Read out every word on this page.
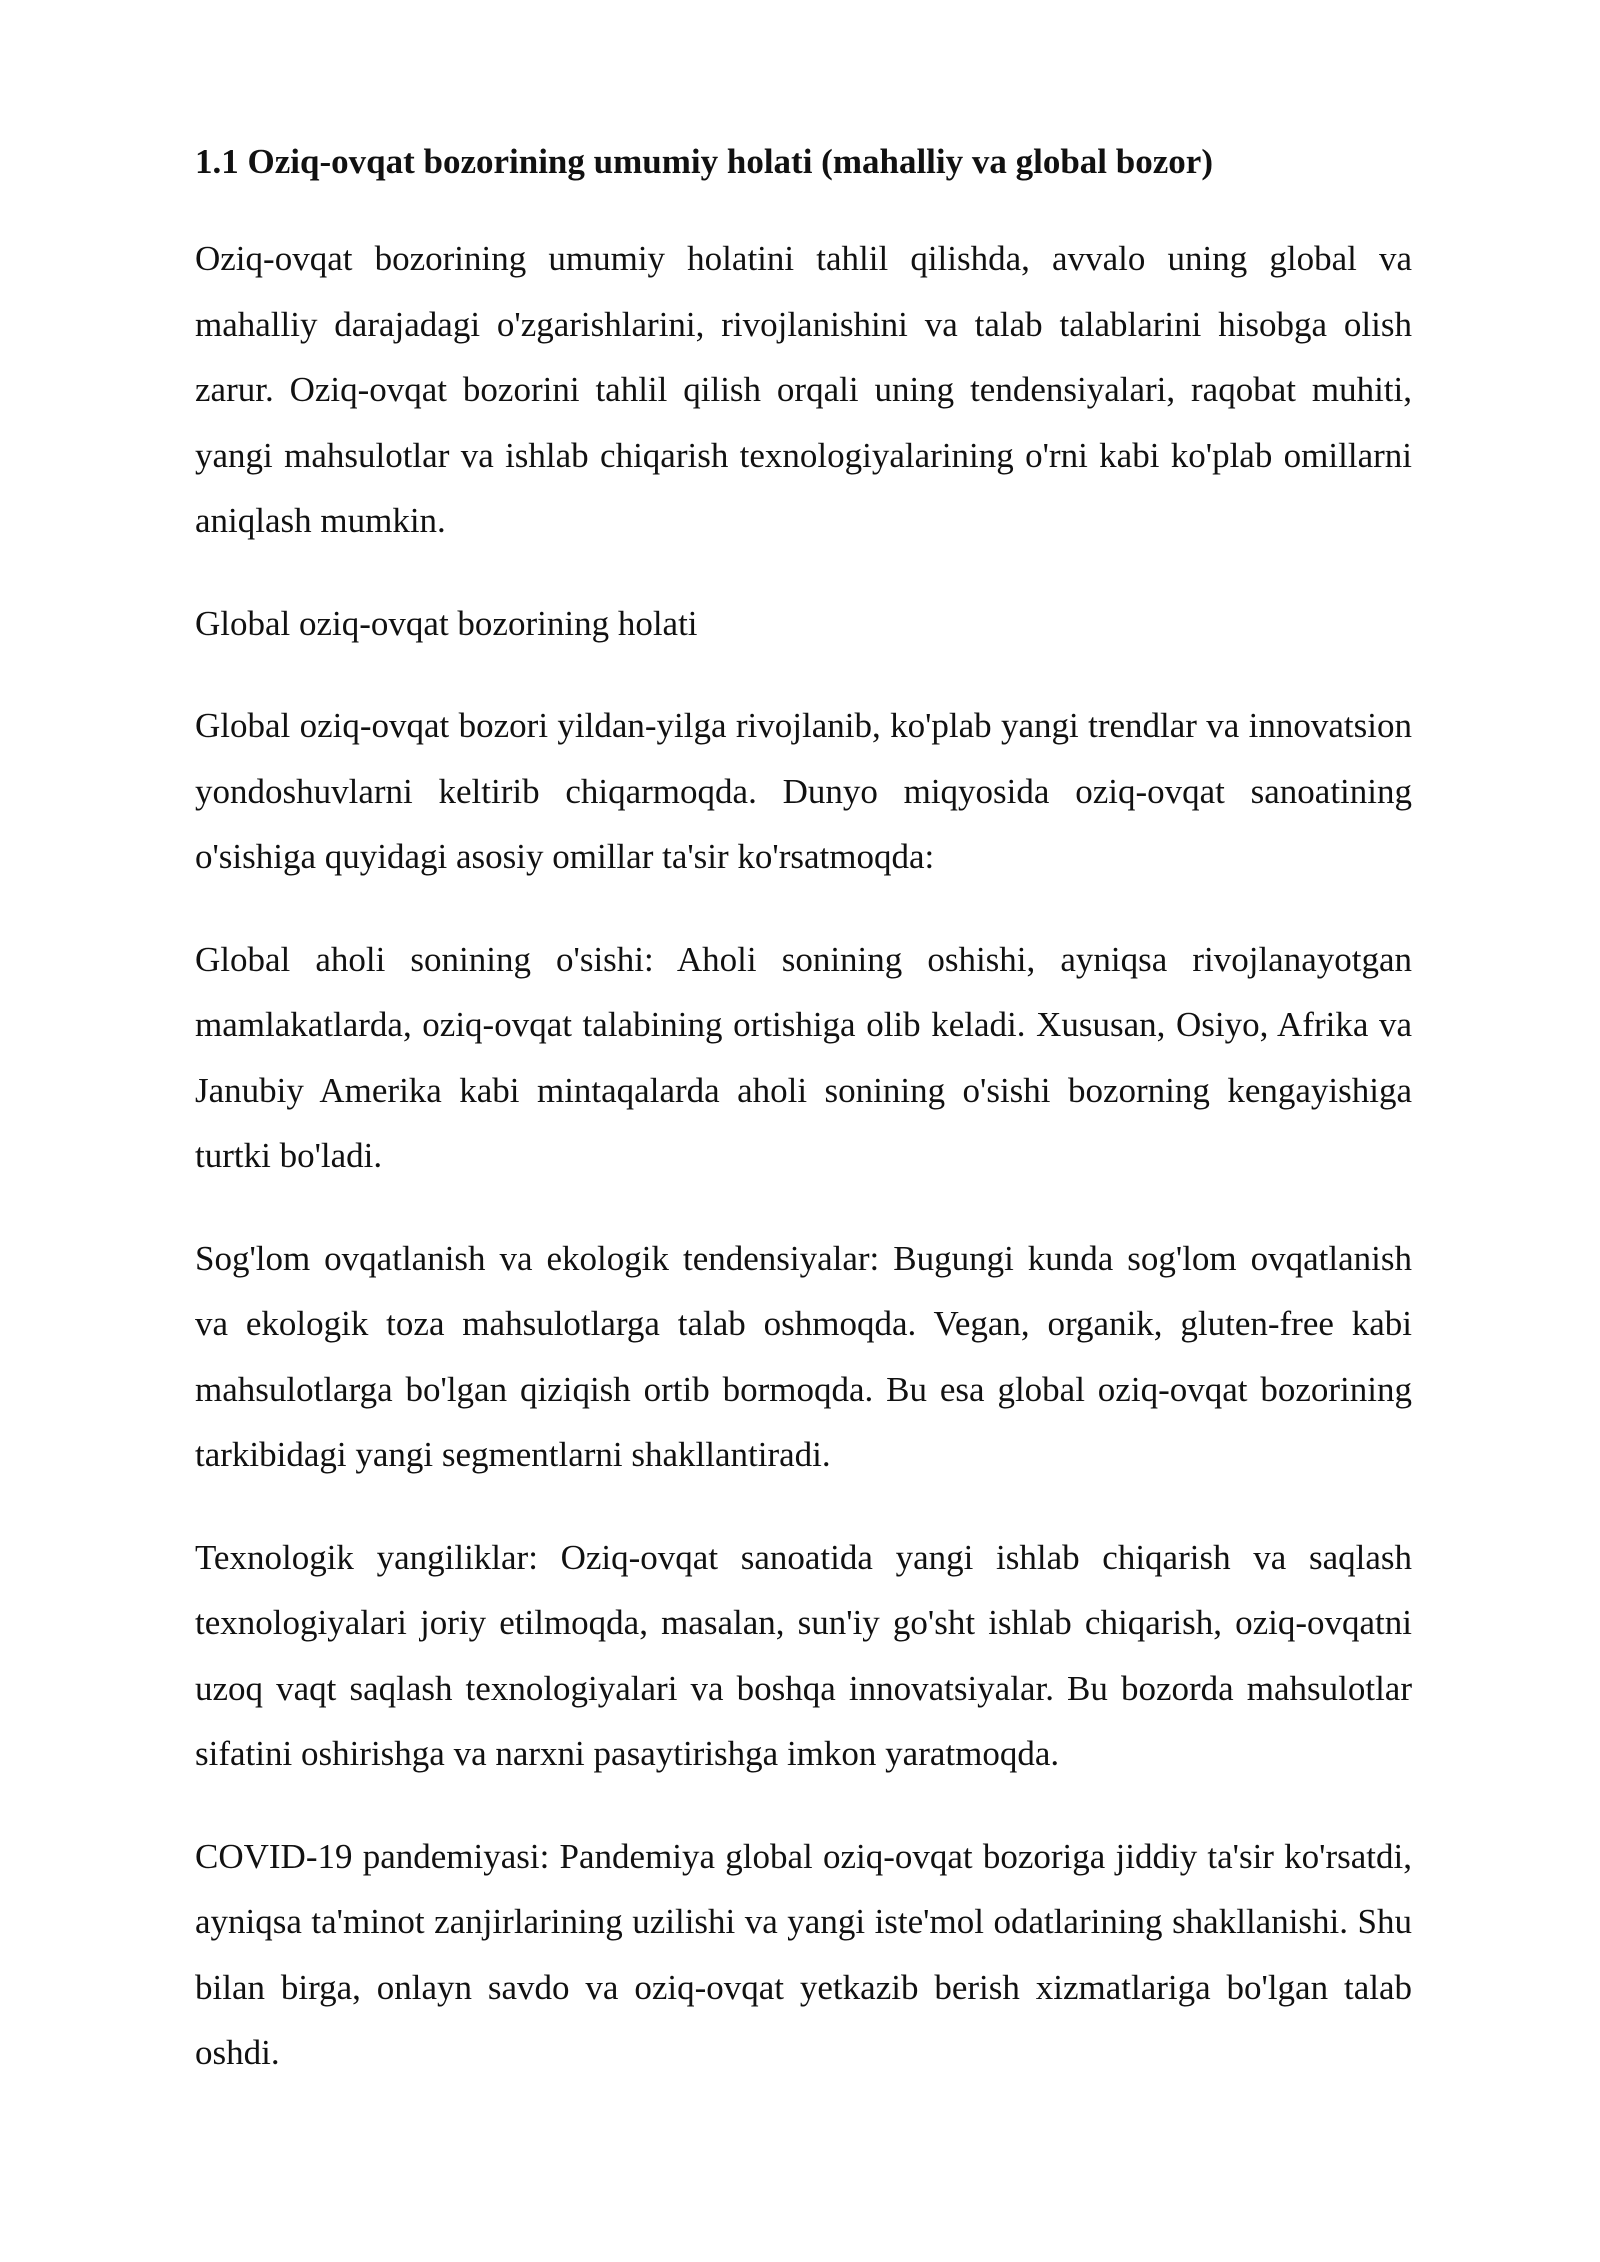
1.1 Oziq-ovqat bozorining umumiy holati (mahalliy va global bozor)

Oziq-ovqat bozorining umumiy holatini tahlil qilishda, avvalo uning global va mahalliy darajadagi o'zgarishlarini, rivojlanishini va talab talablarini hisobga olish zarur. Oziq-ovqat bozorini tahlil qilish orqali uning tendensiyalari, raqobat muhiti, yangi mahsulotlar va ishlab chiqarish texnologiyalarining o'rni kabi ko'plab omillarni aniqlash mumkin.

Global oziq-ovqat bozorining holati

Global oziq-ovqat bozori yildan-yilga rivojlanib, ko'plab yangi trendlar va innovatsion yondoshuvlarni keltirib chiqarmoqda. Dunyo miqyosida oziq-ovqat sanoatining o'sishiga quyidagi asosiy omillar ta'sir ko'rsatmoqda:

Global aholi sonining o'sishi: Aholi sonining oshishi, ayniqsa rivojlanayotgan mamlakatlarda, oziq-ovqat talabining ortishiga olib keladi. Xususan, Osiyo, Afrika va Janubiy Amerika kabi mintaqalarda aholi sonining o'sishi bozorning kengayishiga turtki bo'ladi.

Sog'lom ovqatlanish va ekologik tendensiyalar: Bugungi kunda sog'lom ovqatlanish va ekologik toza mahsulotlarga talab oshmoqda. Vegan, organik, gluten-free kabi mahsulotlarga bo'lgan qiziqish ortib bormoqda. Bu esa global oziq-ovqat bozorining tarkibidagi yangi segmentlarni shakllantiradi.

Texnologik yangiliklar: Oziq-ovqat sanoatida yangi ishlab chiqarish va saqlash texnologiyalari joriy etilmoqda, masalan, sun'iy go'sht ishlab chiqarish, oziq-ovqatni uzoq vaqt saqlash texnologiyalari va boshqa innovatsiyalar. Bu bozorda mahsulotlar sifatini oshirishga va narxni pasaytirishga imkon yaratmoqda.

COVID-19 pandemiyasi: Pandemiya global oziq-ovqat bozoriga jiddiy ta'sir ko'rsatdi, ayniqsa ta'minot zanjirlarining uzilishi va yangi iste'mol odatlarining shakllanishi. Shu bilan birga, onlayn savdo va oziq-ovqat yetkazib berish xizmatlariga bo'lgan talab oshdi.
